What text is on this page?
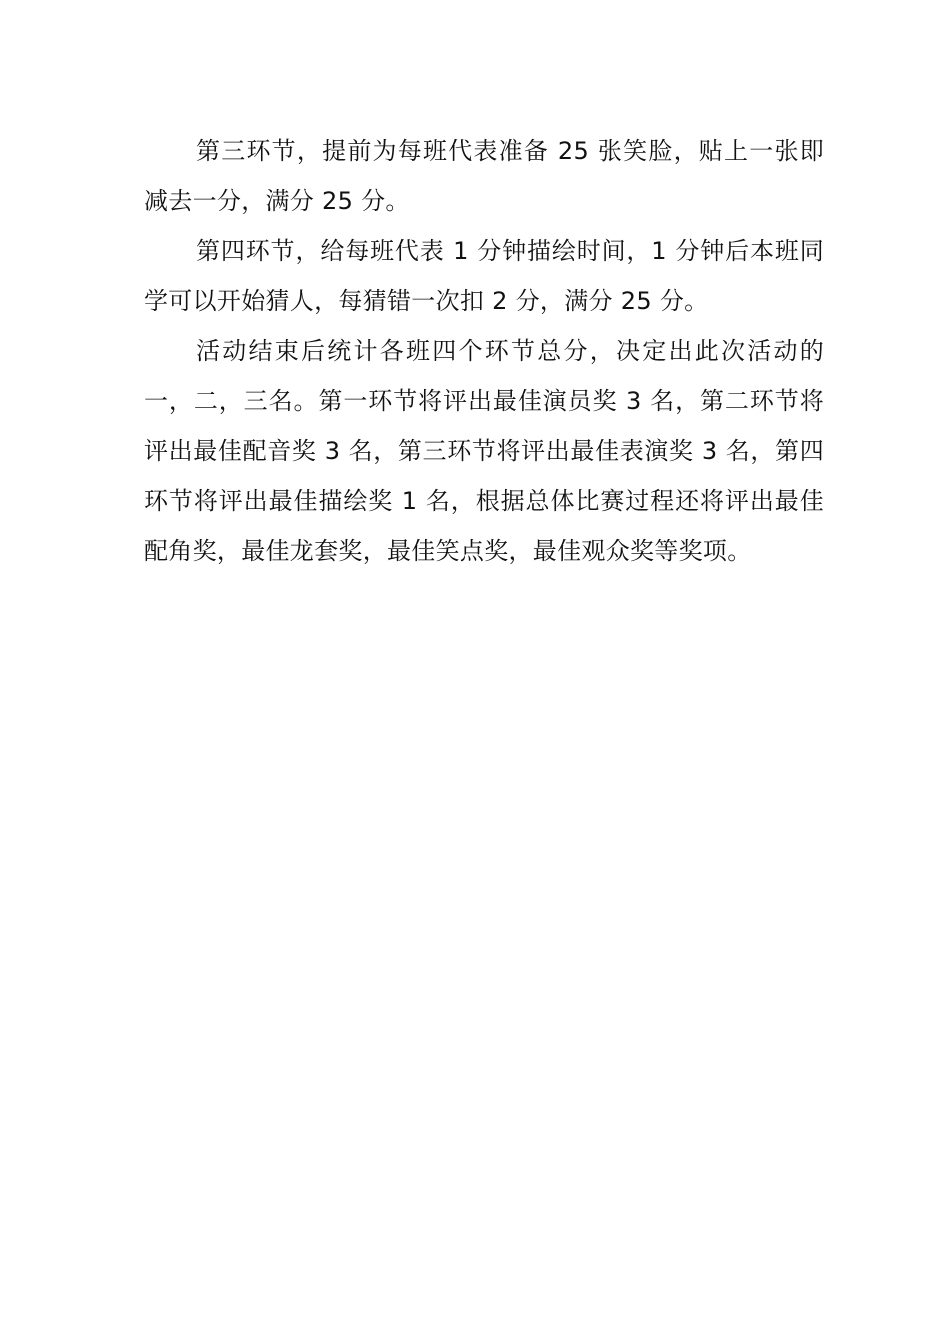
第三环节，提前为每班代表准备 25 张笑脸，贴上一张即减去一分，满分 25 分。

第四环节，给每班代表 1 分钟描绘时间，1 分钟后本班同学可以开始猜人，每猜错一次扣 2 分，满分 25 分。

活动结束后统计各班四个环节总分，决定出此次活动的一，二，三名。第一环节将评出最佳演员奖 3 名，第二环节将评出最佳配音奖 3 名，第三环节将评出最佳表演奖 3 名，第四环节将评出最佳描绘奖 1 名，根据总体比赛过程还将评出最佳配角奖，最佳龙套奖，最佳笑点奖，最佳观众奖等奖项。
